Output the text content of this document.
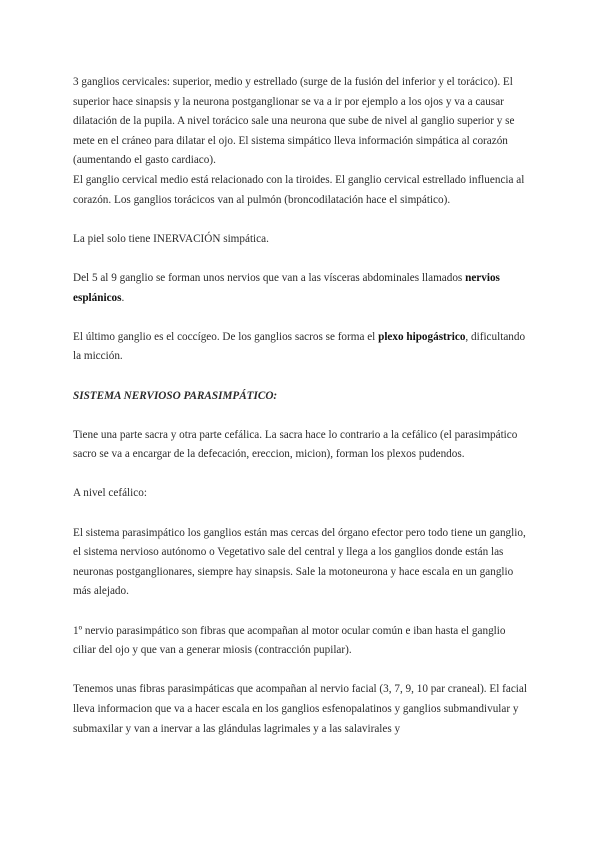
3 ganglios cervicales: superior, medio y estrellado (surge de la fusión del inferior y el torácico). El superior hace sinapsis y la neurona postganglionar se va a ir por ejemplo a los ojos y va a causar dilatación de la pupila. A nivel torácico sale una neurona que sube de nivel al ganglio superior y se mete en el cráneo para dilatar el ojo. El sistema simpático lleva información simpática al corazón (aumentando el gasto cardiaco).

El ganglio cervical medio está relacionado con la tiroides. El ganglio cervical estrellado influencia al corazón. Los ganglios torácicos van al pulmón (broncodilatación hace el simpático).

La piel solo tiene INERVACIÓN simpática.

Del 5 al 9 ganglio se forman unos nervios que van a las vísceras abdominales llamados nervios esplánicos.

El último ganglio es el coccígeo. De los ganglios sacros se forma el plexo hipogástrico, dificultando la micción.

SISTEMA NERVIOSO PARASIMPÁTICO:

Tiene una parte sacra y otra parte cefálica. La sacra hace lo contrario a la cefálico (el parasimpático sacro se va a encargar de la defecación, ereccion, micion), forman los plexos pudendos.

A nivel cefálico:

El sistema parasimpático los ganglios están mas cercas del órgano efector pero todo tiene un ganglio, el sistema nervioso autónomo o Vegetativo sale del central y llega a los ganglios donde están las neuronas postganglionares, siempre hay sinapsis. Sale la motoneurona y hace escala en un ganglio más alejado.

1º nervio parasimpático son fibras que acompañan al motor ocular común e iban hasta el ganglio ciliar del ojo y que van a generar miosis (contracción pupilar).

Tenemos unas fibras parasimpáticas que acompañan al nervio facial (3, 7, 9, 10 par craneal). El facial lleva informacion que va a hacer escala en los ganglios esfenopalatinos y ganglios submandivular y submaxilar y van a inervar a las glándulas lagrimales y a las salavirales y
